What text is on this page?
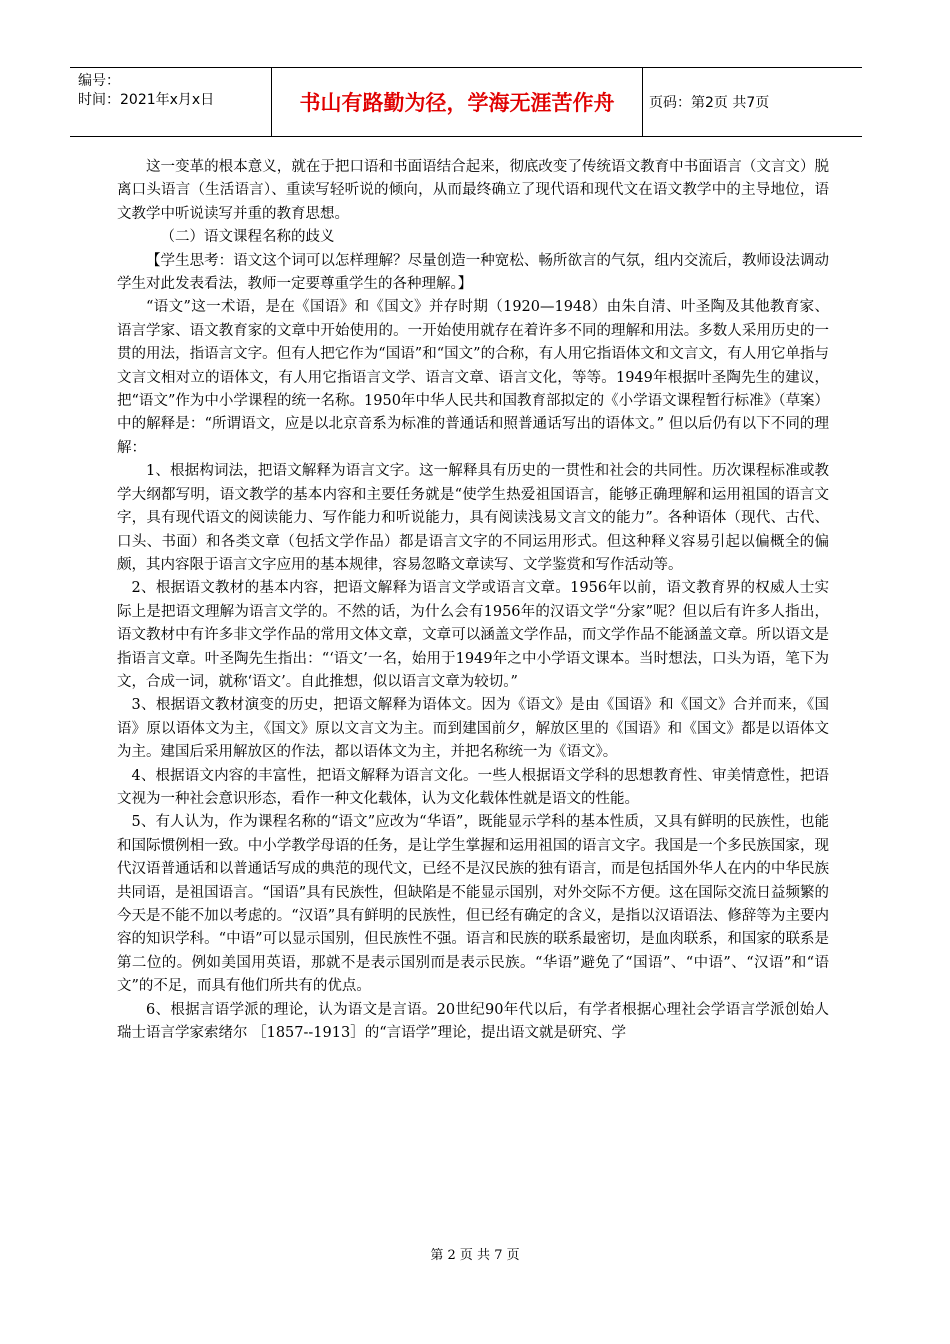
编号：
时间：2021年x月x日	书山有路勤为径，学海无涯苦作舟 页码：第2页 共7页

这一变革的根本意义，就在于把口语和书面语结合起来，彻底改变了传统语文教育中书面语言（文言文）脱离口头语言（生活语言）、重读写轻听说的倾向，从而最终确立了现代语和现代文在语文教学中的主导地位，语文教学中听说读写并重的教育思想。

（二）语文课程名称的歧义

【学生思考：语文这个词可以怎样理解？尽量创造一种宽松、畅所欲言的气氛，组内交流后，教师设法调动学生对此发表看法，教师一定要尊重学生的各种理解。】

“语文”这一术语，是在《国语》和《国文》并存时期（1920—1948）由朱自清、叶圣陶及其他教育家、语言学家、语文教育家的文章中开始使用的。一开始使用就存在着许多不同的理解和用法。多数人采用历史的一贯的用法，指语言文字。但有人把它作为“国语”和“国文”的合称，有人用它指语体文和文言文，有人用它单指与文言文相对立的语体文，有人用它指语言文学、语言文章、语言文化，等等。1949年根据叶圣陶先生的建议，把“语文”作为中小学课程的统一名称。1950年中华人民共和国教育部拟定的《小学语文课程暂行标准》（草案）中的解释是：“所谓语文，应是以北京音系为标准的普通话和照普通话写出的语体文。” 但以后仍有以下不同的理解：

1、根据构词法，把语文解释为语言文字。这一解释具有历史的一贯性和社会的共同性。历次课程标准或教学大纲都写明，语文教学的基本内容和主要任务就是“使学生热爱祖国语言，能够正确理解和运用祖国的语言文字，具有现代语文的阅读能力、写作能力和听说能力，具有阅读浅易文言文的能力”。各种语体（现代、古代、口头、书面）和各类文章（包括文学作品）都是语言文字的不同运用形式。但这种释义容易引起以偏概全的偏颇，其内容限于语言文字应用的基本规律，容易忽略文章读写、文学鉴赏和写作活动等。

2、根据语文教材的基本内容，把语文解释为语言文学或语言文章。1956年以前，语文教育界的权威人士实际上是把语文理解为语言文学的。不然的话，为什么会有1956年的汉语文学“分家”呢？但以后有许多人指出，语文教材中有许多非文学作品的常用文体文章，文章可以涵盖文学作品，而文学作品不能涵盖文章。所以语文是指语言文章。叶圣陶先生指出：“‘语文’一名，始用于1949年之中小学语文课本。当时想法，口头为语，笔下为文，合成一词，就称‘语文’。自此推想，似以语言文章为较切。”

3、根据语文教材演变的历史，把语文解释为语体文。因为《语文》是由《国语》和《国文》合并而来，《国语》原以语体文为主，《国文》原以文言文为主。而到建国前夕，解放区里的《国语》和《国文》都是以语体文为主。建国后采用解放区的作法，都以语体文为主，并把名称统一为《语文》。

4、根据语文内容的丰富性，把语文解释为语言文化。一些人根据语文学科的思想教育性、审美情意性，把语文视为一种社会意识形态，看作一种文化载体，认为文化载体性就是语文的性能。

5、有人认为，作为课程名称的“语文”应改为“华语”，既能显示学科的基本性质，又具有鲜明的民族性，也能和国际惯例相一致。中小学教学母语的任务，是让学生掌握和运用祖国的语言文字。我国是一个多民族国家，现代汉语普通话和以普通话写成的典范的现代文，已经不是汉民族的独有语言，而是包括国外华人在内的中华民族共同语，是祖国语言。“国语”具有民族性，但缺陷是不能显示国别，对外交际不方便。这在国际交流日益频繁的今天是不能不加以考虑的。“汉语”具有鲜明的民族性，但已经有确定的含义，是指以汉语语法、修辞等为主要内容的知识学科。“中语”可以显示国别，但民族性不强。语言和民族的联系最密切，是血肉联系，和国家的联系是第二位的。例如美国用英语，那就不是表示国别而是表示民族。“华语”避免了“国语”、“中语”、“汉语”和“语文”的不足，而具有他们所共有的优点。

6、根据言语学派的理论，认为语文是言语。20世纪90年代以后，有学者根据心理社会学语言学派创始人瑞士语言学家索绪尔 ［1857--1913］的“言语学”理论，提出语文就是研究、学

第 2 页 共 7 页
